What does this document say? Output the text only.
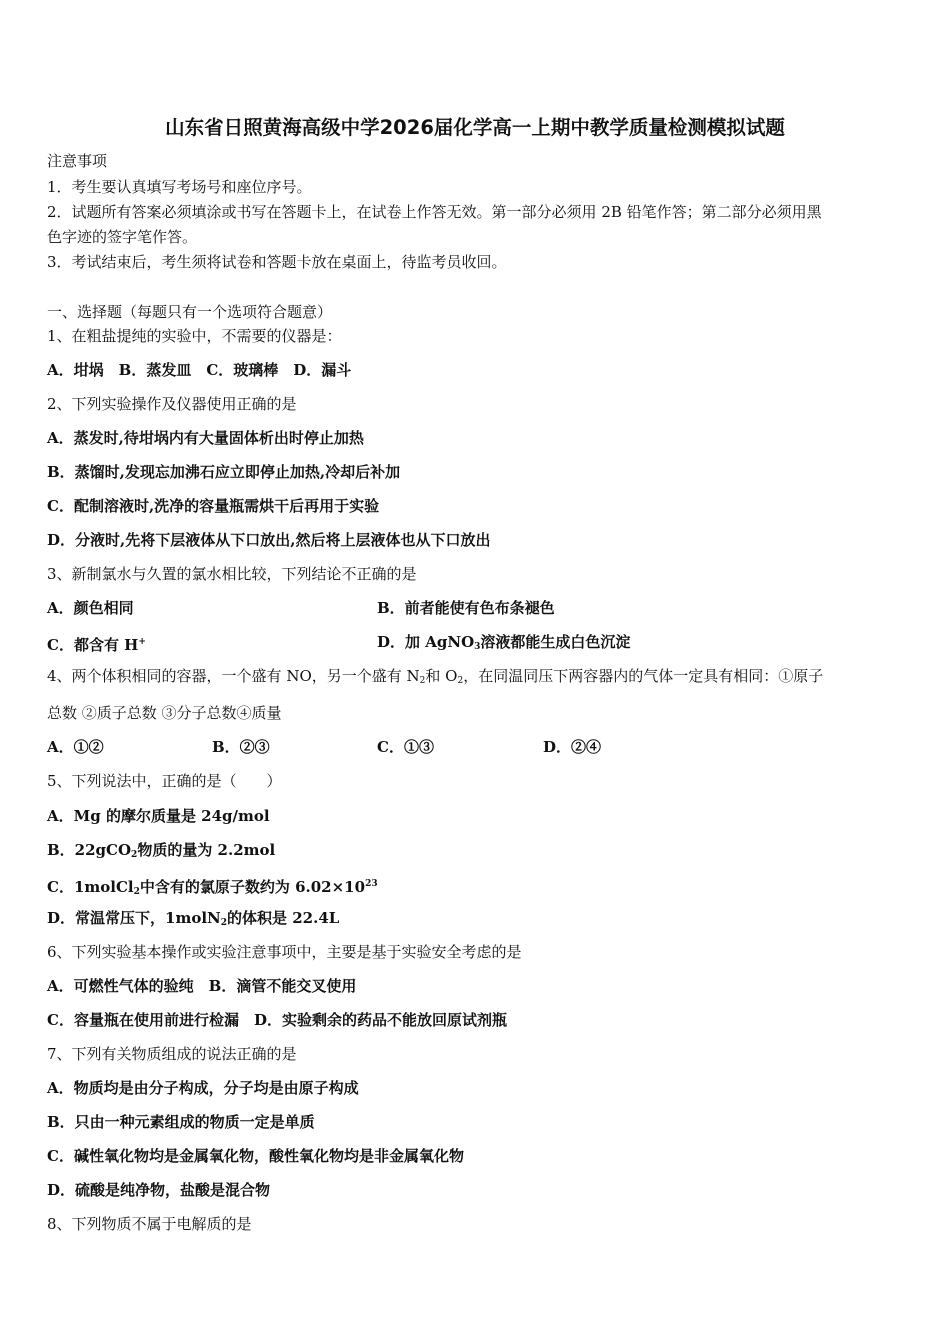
山东省日照黄海高级中学2026届化学高一上期中教学质量检测模拟试题
注意事项
1．考生要认真填写考场号和座位序号。
2．试题所有答案必须填涂或书写在答题卡上，在试卷上作答无效。第一部分必须用 2B 铅笔作答；第二部分必须用黑
色字迹的签字笔作答。
3．考试结束后，考生须将试卷和答题卡放在桌面上，待监考员收回。
一、选择题（每题只有一个选项符合题意）
1、在粗盐提纯的实验中，不需要的仪器是：
A．坩埚　B．蒸发皿　C．玻璃棒　D．漏斗
2、下列实验操作及仪器使用正确的是
A．蒸发时,待坩埚内有大量固体析出时停止加热
B．蒸馏时,发现忘加沸石应立即停止加热,冷却后补加
C．配制溶液时,洗净的容量瓶需烘干后再用于实验
D．分液时,先将下层液体从下口放出,然后将上层液体也从下口放出
3、新制氯水与久置的氯水相比较，下列结论不正确的是
A．颜色相同	B．前者能使有色布条褪色
C．都含有 H+	D．加 AgNO$_3$溶液都能生成白色沉淀
4、两个体积相同的容器，一个盛有 NO，另一个盛有 $N_2$和 $O_2$，在同温同压下两容器内的气体一定具有相同：①原子
总数 ②质子总数 ③分子总数④质量
A．①②	B．②③	C．①③	D．②④
5、下列说法中，正确的是（　　）
A．Mg 的摩尔质量是 24g/mol
B．22gCO$_2$物质的量为 2.2mol
C．1molCl$_2$中含有的氯原子数约为 $6.02\times 10^{23}$
D．常温常压下，1molN$_2$的体积是 22.4L
6、下列实验基本操作或实验注意事项中，主要是基于实验安全考虑的是
A．可燃性气体的验纯　B．滴管不能交叉使用
C．容量瓶在使用前进行检漏　D．实验剩余的药品不能放回原试剂瓶
7、下列有关物质组成的说法正确的是
A．物质均是由分子构成，分子均是由原子构成
B．只由一种元素组成的物质一定是单质
C．碱性氧化物均是金属氧化物，酸性氧化物均是非金属氧化物
D．硫酸是纯净物，盐酸是混合物
8、下列物质不属于电解质的是
